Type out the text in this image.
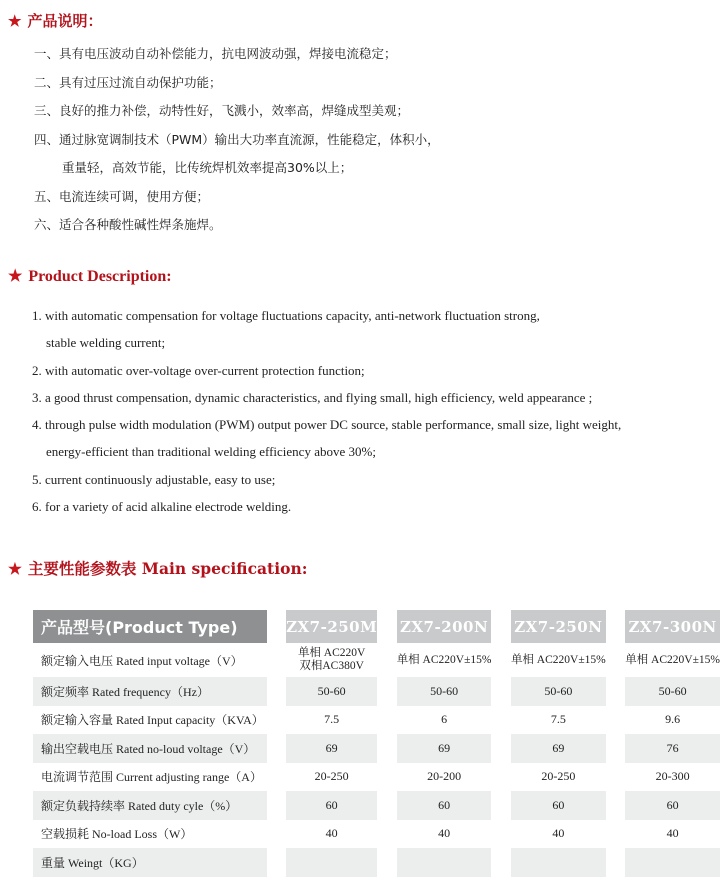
★ 产品说明：
一、具有电压波动自动补偿能力，抗电网波动强，焊接电流稳定；
二、具有过压过流自动保护功能；
三、良好的推力补偿，动特性好，飞溅小，效率高，焊缝成型美观；
四、通过脉宽调制技术（PWM）输出大功率直流源，性能稳定，体积小，
重量轻，高效节能，比传统焊机效率提高30%以上；
五、电流连续可调，使用方便；
六、适合各种酸性碱性焊条施焊。
★ Product Description:
1. with automatic compensation for voltage fluctuations capacity, anti-network fluctuation strong,
stable welding current;
2. with automatic over-voltage over-current protection function;
3. a good thrust compensation, dynamic characteristics, and flying small, high efficiency, weld appearance ;
4. through pulse width modulation (PWM) output power DC source, stable performance, small size, light weight,
energy-efficient than traditional welding efficiency above 30%;
5. current continuously adjustable, easy to use;
6. for a variety of acid alkaline electrode welding.
★ 主要性能参数表 Main specification:
产品型号(Product Type)		ZX7-250M		ZX7-200N		ZX7-250N		ZX7-300N
额定输入电压 Rated input voltage（V）		单相 AC220V
双相AC380V		单相 AC220V±15%		单相 AC220V±15%		单相 AC220V±15%

额定频率 Rated frequency（Hz）		50-60		50-60		50-60		50-60
额定输入容量 Rated Input capacity（KVA）		7.5		6		7.5		9.6
输出空载电压 Rated no-loud voltage（V）		69		69		69		76
电流调节范围 Current adjusting range（A）		20-250		20-200		20-250		20-300
额定负载持续率 Rated duty cyle（%）		60		60		60		60
空载损耗 No-load Loss（W）		40		40		40		40
重量 Weingt（KG）								
